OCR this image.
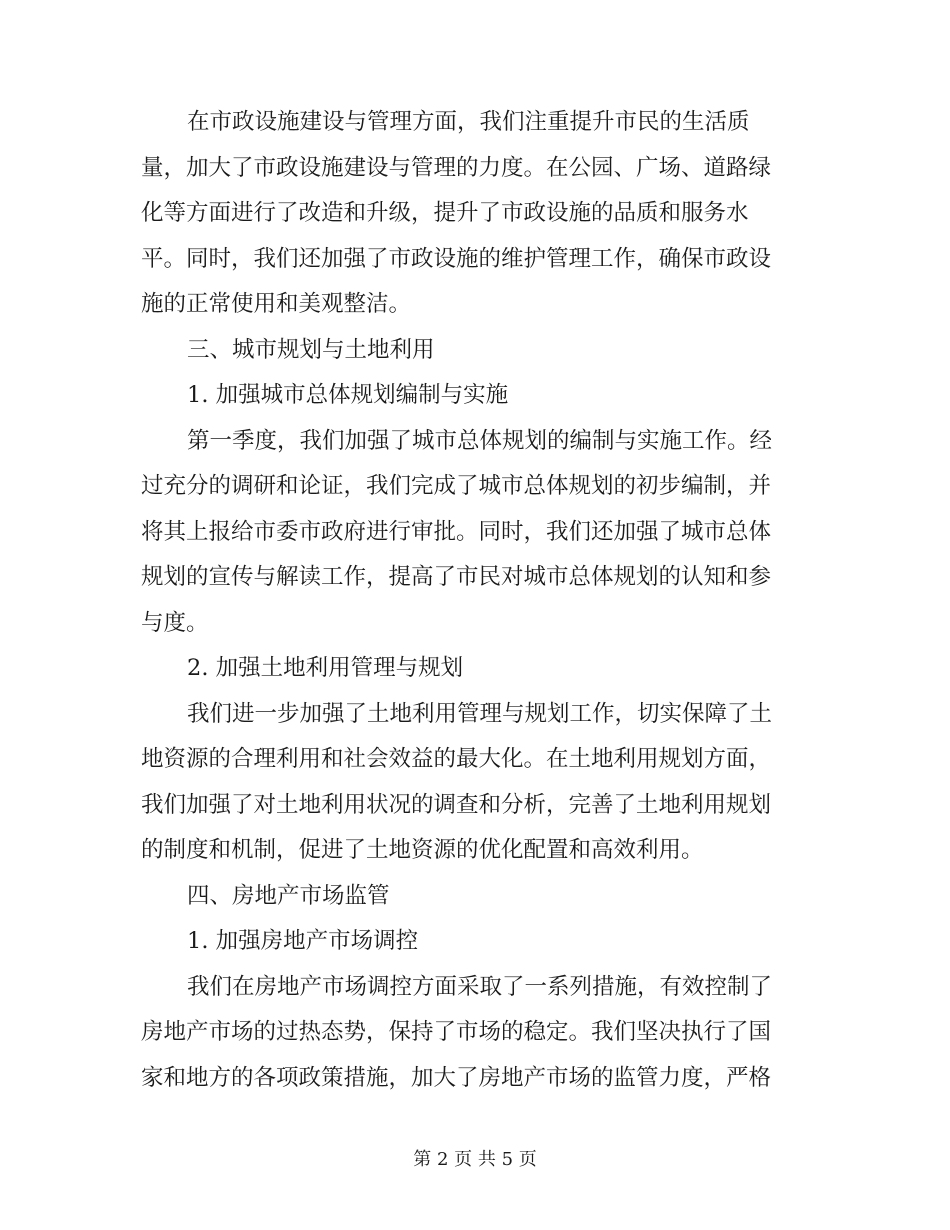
在市政设施建设与管理方面，我们注重提升市民的生活质
量，加大了市政设施建设与管理的力度。在公园、广场、道路绿
化等方面进行了改造和升级，提升了市政设施的品质和服务水
平。同时，我们还加强了市政设施的维护管理工作，确保市政设
施的正常使用和美观整洁。
三、城市规划与土地利用
1. 加强城市总体规划编制与实施
第一季度，我们加强了城市总体规划的编制与实施工作。经
过充分的调研和论证，我们完成了城市总体规划的初步编制，并
将其上报给市委市政府进行审批。同时，我们还加强了城市总体
规划的宣传与解读工作，提高了市民对城市总体规划的认知和参
与度。
2. 加强土地利用管理与规划
我们进一步加强了土地利用管理与规划工作，切实保障了土
地资源的合理利用和社会效益的最大化。在土地利用规划方面，
我们加强了对土地利用状况的调查和分析，完善了土地利用规划
的制度和机制，促进了土地资源的优化配置和高效利用。
四、房地产市场监管
1. 加强房地产市场调控
我们在房地产市场调控方面采取了一系列措施，有效控制了
房地产市场的过热态势，保持了市场的稳定。我们坚决执行了国
家和地方的各项政策措施，加大了房地产市场的监管力度，严格
第 2 页 共 5 页
